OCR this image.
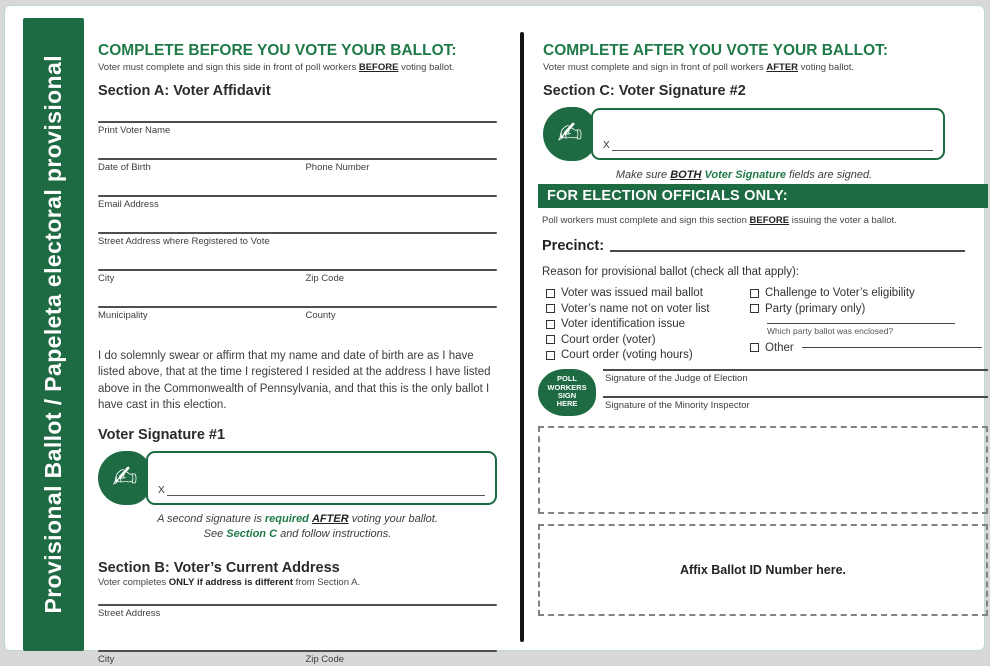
Provisional Ballot / Papeleta electoral provisional
COMPLETE BEFORE YOU VOTE YOUR BALLOT:
Voter must complete and sign this side in front of poll workers BEFORE voting ballot.
Section A: Voter Affidavit
Print Voter Name
Date of Birth	Phone Number
Email Address
Street Address where Registered to Vote
City	Zip Code
Municipality	County
I do solemnly swear or affirm that my name and date of birth are as I have listed above, that at the time I registered I resided at the address I have listed above in the Commonwealth of Pennsylvania, and that this is the only ballot I have cast in this election.
Voter Signature #1
✍	X
A second signature is required AFTER voting your ballot.
See Section C and follow instructions.
Section B: Voter’s Current Address
Voter completes ONLY if address is different from Section A.
Street Address
City	Zip Code
COMPLETE AFTER YOU VOTE YOUR BALLOT:
Voter must complete and sign in front of poll workers AFTER voting ballot.
Section C: Voter Signature #2
✍	X
Make sure BOTH Voter Signature fields are signed.
FOR ELECTION OFFICIALS ONLY:
Poll workers must complete and sign this section BEFORE issuing the voter a ballot.
Precinct:
Reason for provisional ballot (check all that apply):
Voter was issued mail ballot
Voter’s name not on voter list
Voter identification issue
Court order (voter)
Court order (voting hours)
Challenge to Voter’s eligibility
Party (primary only)
Which party ballot was enclosed?
Other
POLL
WORKERS
SIGN
HERE
Signature of the Judge of Election
Signature of the Minority Inspector
Affix Ballot ID Number here.
